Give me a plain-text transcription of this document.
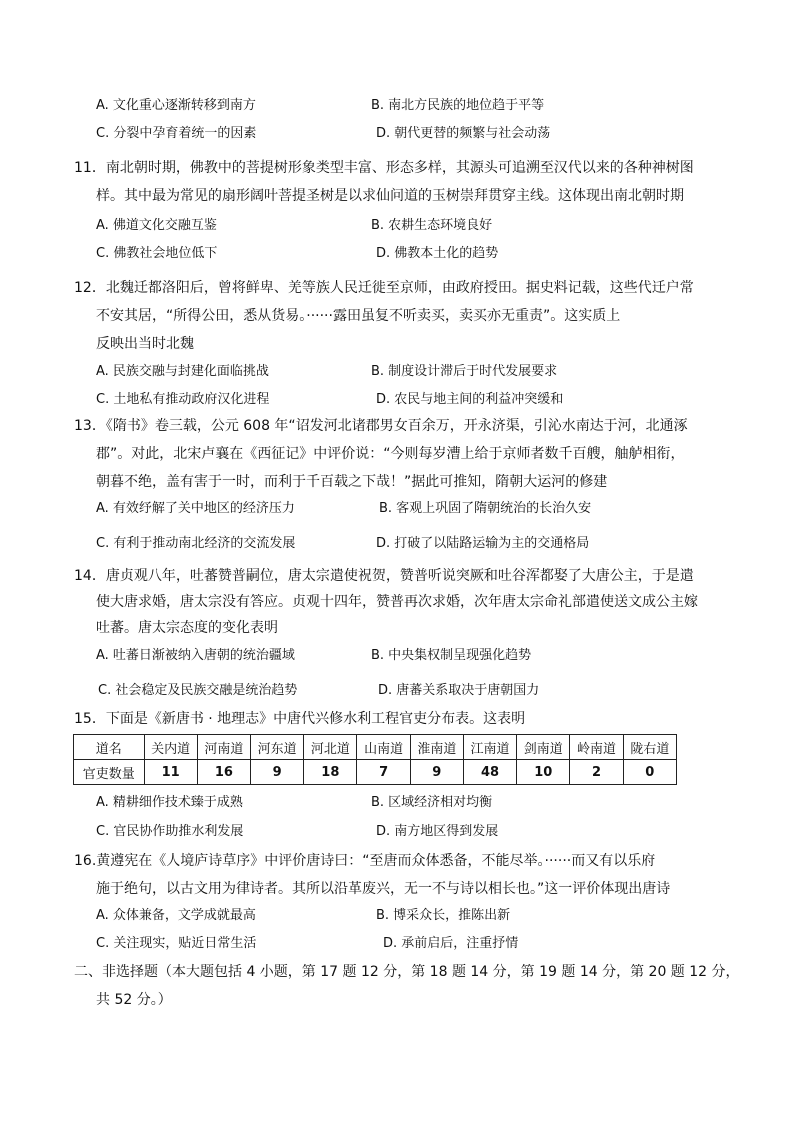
A. 文化重心逐渐转移到南方	B. 南北方民族的地位趋于平等
C. 分裂中孕育着统一的因素	D. 朝代更替的频繁与社会动荡
11．南北朝时期，佛教中的菩提树形象类型丰富、形态多样，其源头可追溯至汉代以来的各种神树图
样。其中最为常见的扇形阔叶菩提圣树是以求仙问道的玉树崇拜贯穿主线。这体现出南北朝时期
A. 佛道文化交融互鉴	B. 农耕生态环境良好
C. 佛教社会地位低下	D. 佛教本土化的趋势
12．北魏迁都洛阳后，曾将鲜卑、羌等族人民迁徙至京师，由政府授田。据史料记载，这些代迁户常
不安其居，“所得公田，悉从货易。······露田虽复不听卖买，卖买亦无重责”。这实质上
反映出当时北魏
A. 民族交融与封建化面临挑战	B. 制度设计滞后于时代发展要求
C. 土地私有推动政府汉化进程	D. 农民与地主间的利益冲突缓和
13．《隋书》卷三载，公元 608 年“诏发河北诸郡男女百余万，开永济渠，引沁水南达于河，北通涿
郡”。对此，北宋卢襄在《西征记》中评价说：“今则每岁漕上给于京师者数千百艘，舳舻相衔，
朝暮不绝，盖有害于一时，而利于千百载之下哉！”据此可推知，隋朝大运河的修建
A. 有效纾解了关中地区的经济压力	B. 客观上巩固了隋朝统治的长治久安
C. 有利于推动南北经济的交流发展	D. 打破了以陆路运输为主的交通格局
14．唐贞观八年，吐蕃赞普嗣位，唐太宗遣使祝贺，赞普听说突厥和吐谷浑都娶了大唐公主，于是遣
使大唐求婚，唐太宗没有答应。贞观十四年，赞普再次求婚，次年唐太宗命礼部遣使送文成公主嫁
吐蕃。唐太宗态度的变化表明
A. 吐蕃日渐被纳入唐朝的统治疆域	B. 中央集权制呈现强化趋势
C. 社会稳定及民族交融是统治趋势	D. 唐蕃关系取决于唐朝国力
15．下面是《新唐书 · 地理志》中唐代兴修水利工程官吏分布表。这表明
道名	关内道	河南道	河东道	河北道	山南道	淮南道	江南道	剑南道	岭南道	陇右道
官吏数量	11	16	9	18	7	9	48	10	2	0
A. 精耕细作技术臻于成熟	B. 区域经济相对均衡
C. 官民协作助推水利发展	D. 南方地区得到发展
16.黄遵宪在《人境庐诗草序》中评价唐诗曰：“至唐而众体悉备，不能尽举。······而又有以乐府
施于绝句，以古文用为律诗者。其所以沿革废兴，无一不与诗以相长也。”这一评价体现出唐诗
A. 众体兼备，文学成就最高	B. 博采众长，推陈出新
C. 关注现实，贴近日常生活	D. 承前启后，注重抒情
二、非选择题（本大题包括 4 小题，第 17 题 12 分，第 18 题 14 分，第 19 题 14 分，第 20 题 12 分，
共 52 分。）
